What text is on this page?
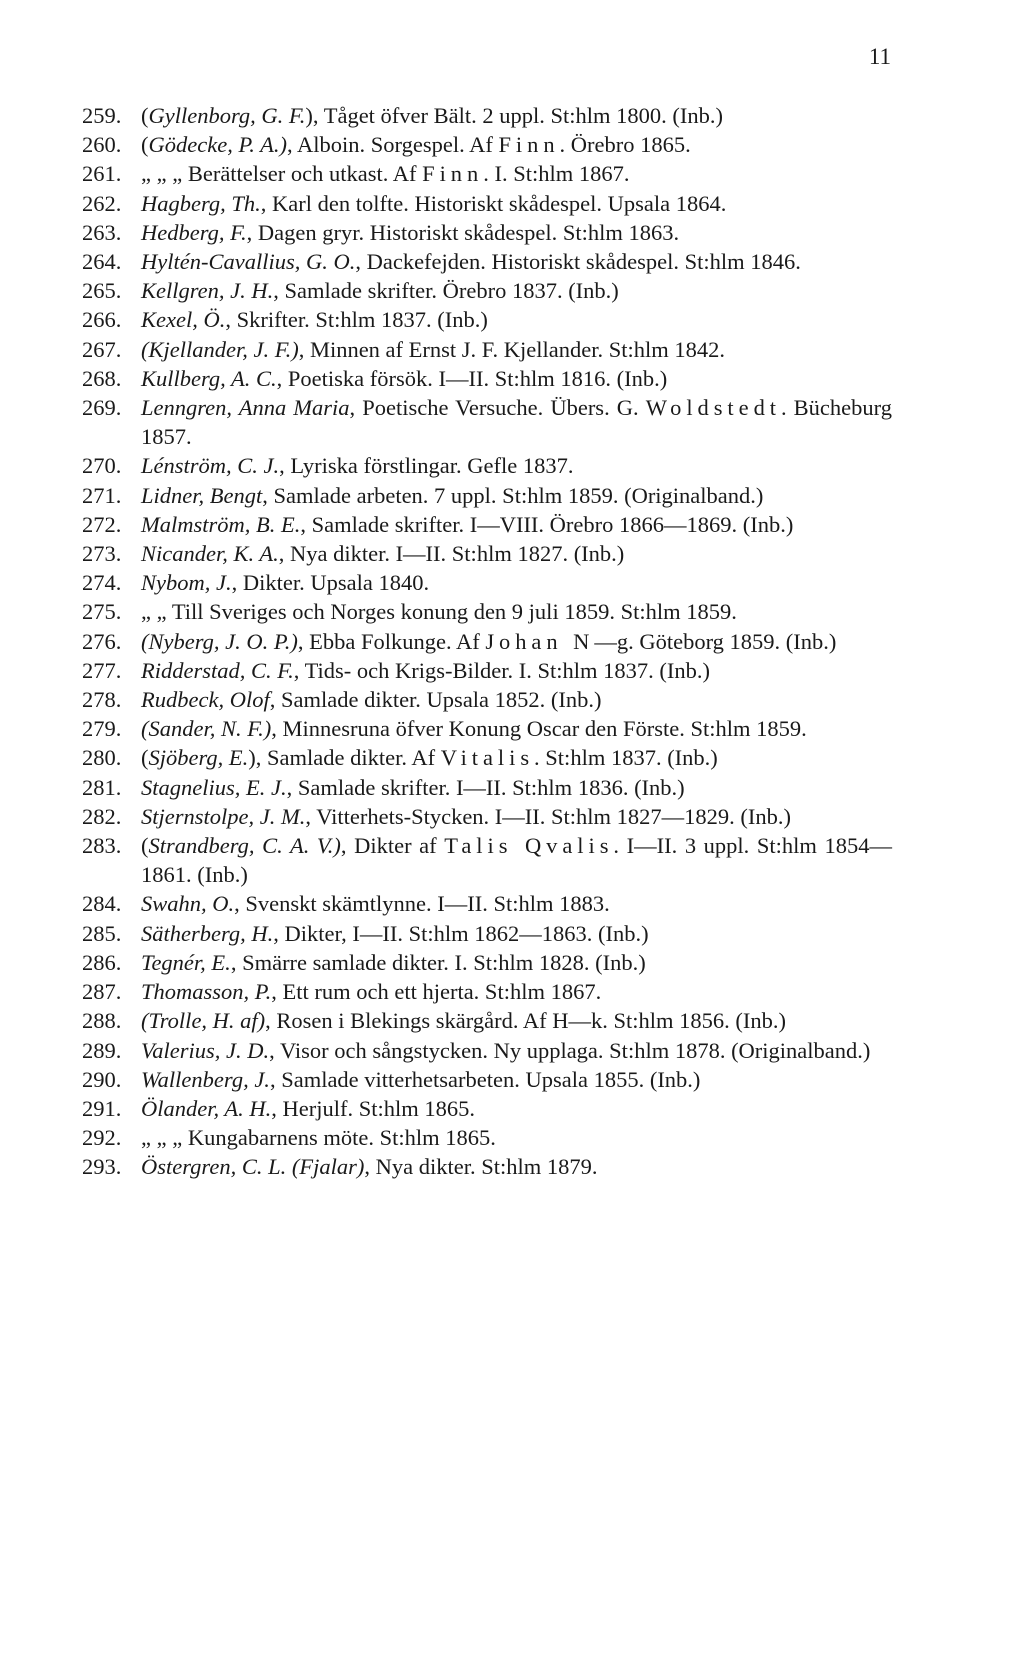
11

259. (Gyllenborg, G. F.), Tåget öfver Bält. 2 uppl. St:hlm 1800. (Inb.)

260. (Gödecke, P. A.), Alboin. Sorgespel. Af Finn. Örebro 1865.

261. „ „ „ Berättelser och utkast. Af Finn. I. St:hlm 1867.

262. Hagberg, Th., Karl den tolfte. Historiskt skådespel. Upsala 1864.

263. Hedberg, F., Dagen gryr. Historiskt skådespel. St:hlm 1863.

264. Hyltén-Cavallius, G. O., Dackefejden. Historiskt skådespel. St:hlm 1846.

265. Kellgren, J. H., Samlade skrifter. Örebro 1837. (Inb.)

266. Kexel, Ö., Skrifter. St:hlm 1837. (Inb.)

267. (Kjellander, J. F.), Minnen af Ernst J. F. Kjellander. St:hlm 1842.

268. Kullberg, A. C., Poetiska försök. I—II. St:hlm 1816. (Inb.)

269. Lenngren, Anna Maria, Poetische Versuche. Übers. G. Woldstedt. Bücheburg 1857.

270. Lénström, C. J., Lyriska förstlingar. Gefle 1837.

271. Lidner, Bengt, Samlade arbeten. 7 uppl. St:hlm 1859. (Originalband.)

272. Malmström, B. E., Samlade skrifter. I—VIII. Örebro 1866—1869. (Inb.)

273. Nicander, K. A., Nya dikter. I—II. St:hlm 1827. (Inb.)

274. Nybom, J., Dikter. Upsala 1840.

275. „ „ Till Sveriges och Norges konung den 9 juli 1859. St:hlm 1859.

276. (Nyberg, J. O. P.), Ebba Folkunge. Af Johan N—g. Göteborg 1859. (Inb.)

277. Ridderstad, C. F., Tids- och Krigs-Bilder. I. St:hlm 1837. (Inb.)

278. Rudbeck, Olof, Samlade dikter. Upsala 1852. (Inb.)

279. (Sander, N. F.), Minnesruna öfver Konung Oscar den Förste. St:hlm 1859.

280. (Sjöberg, E.), Samlade dikter. Af Vitalis. St:hlm 1837. (Inb.)

281. Stagnelius, E. J., Samlade skrifter. I—II. St:hlm 1836. (Inb.)

282. Stjernstolpe, J. M., Vitterhets-Stycken. I—II. St:hlm 1827—1829. (Inb.)

283. (Strandberg, C. A. V.), Dikter af Talis Qvalis. I—II. 3 uppl. St:hlm 1854—1861. (Inb.)

284. Swahn, O., Svenskt skämtlynne. I—II. St:hlm 1883.

285. Sätherberg, H., Dikter, I—II. St:hlm 1862—1863. (Inb.)

286. Tegnér, E., Smärre samlade dikter. I. St:hlm 1828. (Inb.)

287. Thomasson, P., Ett rum och ett hjerta. St:hlm 1867.

288. (Trolle, H. af), Rosen i Blekings skärgård. Af H—k. St:hlm 1856. (Inb.)

289. Valerius, J. D., Visor och sångstycken. Ny upplaga. St:hlm 1878. (Originalband.)

290. Wallenberg, J., Samlade vitterhetsarbeten. Upsala 1855. (Inb.)

291. Ölander, A. H., Herjulf. St:hlm 1865.

292. „ „ „ Kungabarnens möte. St:hlm 1865.

293. Östergren, C. L. (Fjalar), Nya dikter. St:hlm 1879.
